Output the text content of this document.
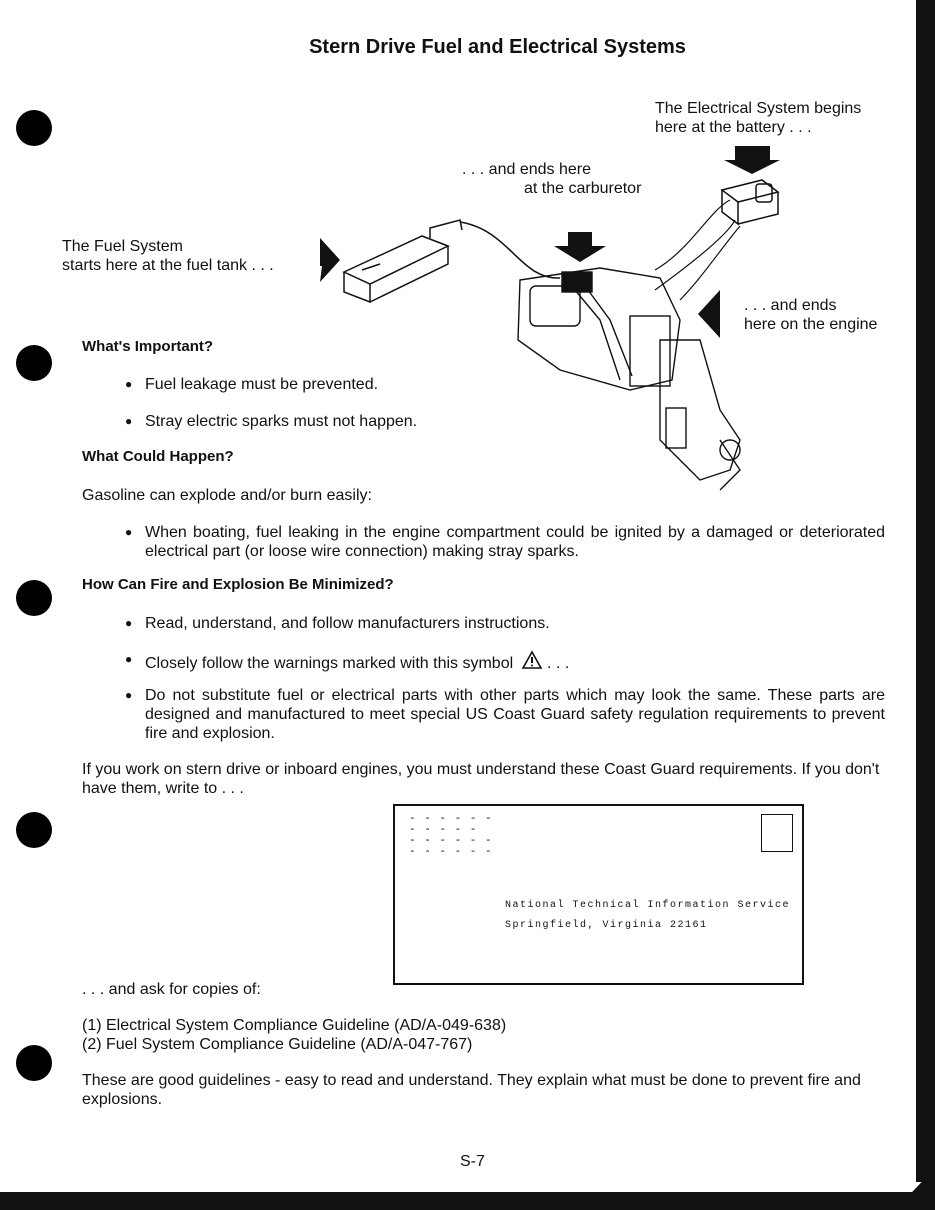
Stern Drive Fuel and Electrical Systems
The Electrical System begins
here at the battery . . .
. . . and ends here
at the carburetor
The Fuel System
starts here at the fuel tank . . .
. . . and ends
here on the engine
What's Important?
● Fuel leakage must be prevented.
● Stray electric sparks must not happen.
What Could Happen?
Gasoline can explode and/or burn easily:
● When boating, fuel leaking in the engine compartment could be ignited by a damaged or deteriorated electrical part (or loose wire connection) making stray sparks.
How Can Fire and Explosion Be Minimized?
● Read, understand, and follow manufacturers instructions.
● Closely follow the warnings marked with this symbol . . .
● Do not substitute fuel or electrical parts with other parts which may look the same. These parts are designed and manufactured to meet special US Coast Guard safety regulation requirements to prevent fire and explosion.
If you work on stern drive or inboard engines, you must understand these Coast Guard requirements. If you don't have them, write to . . .
- - - - - -
- - - - -
- - - - - -
- - - - - -
National Technical Information Service
Springfield, Virginia 22161
. . . and ask for copies of:
(1) Electrical System Compliance Guideline (AD/A-049-638)
(2) Fuel System Compliance Guideline (AD/A-047-767)
These are good guidelines - easy to read and understand. They explain what must be done to prevent fire and explosions.
S-7
